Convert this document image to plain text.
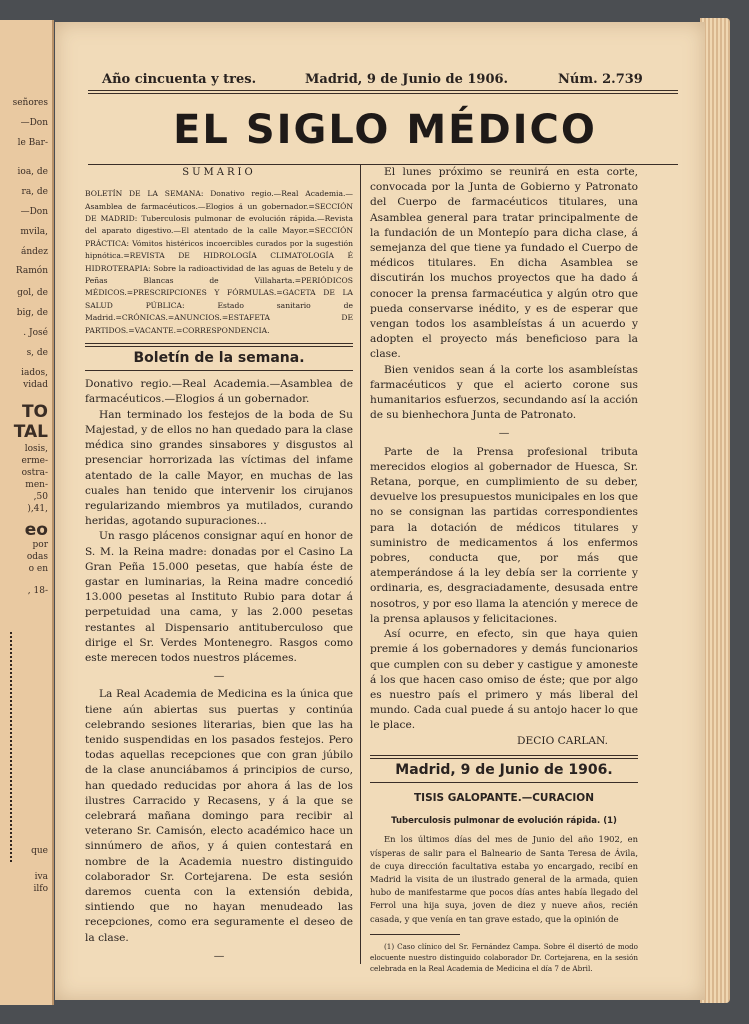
señores
—Don
le Bar-
ioa, de
ra, de
—Don
mvila,
ández
Ramón
gol, de
big, de
. José
s, de
iados,
vidad
TO
TAL
losis,
erme-
ostra-
men-
,50
),41,
eo
por
odas
o en
, 18-
que
iva
ilfo
Año cincuenta y tres.	Madrid, 9 de Junio de 1906.	Núm. 2.739
EL SIGLO MÉDICO
SUMARIO

BOLETÍN DE LA SEMANA: Donativo regio.—Real Academia.—Asamblea de farmacéuticos.—Elogios á un gobernador.=SECCIÓN DE MADRID: Tuberculosis pulmonar de evolución rápida.—Revista del aparato digestivo.—El atentado de la calle Mayor.=SECCIÓN PRÁCTICA: Vómitos histéricos incoercibles curados por la sugestión hipnótica.=REVISTA DE HIDROLOGÍA CLIMATOLOGÍA É HIDROTERAPIA: Sobre la radioactividad de las aguas de Betelu y de Peñas Blancas de Villaharta.=PERIÓDICOS MÉDICOS.=PRESCRIPCIONES Y FÓRMULAS.=GACETA DE LA SALUD PÚBLICA: Estado sanitario de Madrid.=CRÓNICAS.=ANUNCIOS.=ESTAFETA DE PARTIDOS.=VACANTE.=CORRESPONDENCIA.

Boletín de la semana.

Donativo regio.—Real Academia.—Asamblea de farmacéuticos.—Elogios á un gobernador.

Han terminado los festejos de la boda de Su Majestad, y de ellos no han quedado para la clase médica sino grandes sinsabores y disgustos al presenciar horrorizada las víctimas del infame atentado de la calle Mayor, en muchas de las cuales han tenido que intervenir los cirujanos regularizando miembros ya mutilados, curando heridas, agotando supuraciones...

Un rasgo plácenos consignar aquí en honor de S. M. la Reina madre: donadas por el Casino La Gran Peña 15.000 pesetas, que había éste de gastar en luminarias, la Reina madre concedió 13.000 pesetas al Instituto Rubio para dotar á perpetuidad una cama, y las 2.000 pesetas restantes al Dispensario antituberculoso que dirige el Sr. Verdes Montenegro. Rasgos como este merecen todos nuestros plácemes.

—

La Real Academia de Medicina es la única que tiene aún abiertas sus puertas y continúa celebrando sesiones literarias, bien que las ha tenido suspendidas en los pasados festejos. Pero todas aquellas recepciones que con gran júbilo de la clase anunciábamos á principios de curso, han quedado reducidas por ahora á las de los ilustres Carracido y Recasens, y á la que se celebrará mañana domingo para recibir al veterano Sr. Camisón, electo académico hace un sinnúmero de años, y á quien contestará en nombre de la Academia nuestro distinguido colaborador Sr. Cortejarena. De esta sesión daremos cuenta con la extensión debida, sintiendo que no hayan menudeado las recepciones, como era seguramente el deseo de la clase.

—

El lunes próximo se reunirá en esta corte, convocada por la Junta de Gobierno y Patronato del Cuerpo de farmacéuticos titulares, una Asamblea general para tratar principalmente de la fundación de un Montepío para dicha clase, á semejanza del que tiene ya fundado el Cuerpo de médicos titulares. En dicha Asamblea se discutirán los muchos proyectos que ha dado á conocer la prensa farmacéutica y algún otro que pueda conservarse inédito, y es de esperar que vengan todos los asambleístas á un acuerdo y adopten el proyecto más beneficioso para la clase.

Bien venidos sean á la corte los asambleístas farmacéuticos y que el acierto corone sus humanitarios esfuerzos, secundando así la acción de su bienhechora Junta de Patronato.

—

Parte de la Prensa profesional tributa merecidos elogios al gobernador de Huesca, Sr. Retana, porque, en cumplimiento de su deber, devuelve los presupuestos municipales en los que no se consignan las partidas correspondientes para la dotación de médicos titulares y suministro de medicamentos á los enfermos pobres, conducta que, por más que atemperándose á la ley debía ser la corriente y ordinaria, es, desgraciadamente, desusada entre nosotros, y por eso llama la atención y merece de la prensa aplausos y felicitaciones.

Así ocurre, en efecto, sin que haya quien premie á los gobernadores y demás funcionarios que cumplen con su deber y castigue y amoneste á los que hacen caso omiso de éste; que por algo es nuestro país el primero y más liberal del mundo. Cada cual puede á su antojo hacer lo que le place.

DECIO CARLAN.
Madrid, 9 de Junio de 1906.
TISIS GALOPANTE.—CURACION
Tuberculosis pulmonar de evolución rápida. (1)

En los últimos días del mes de Junio del año 1902, en vísperas de salir para el Balneario de Santa Teresa de Ávila, de cuya dirección facultativa estaba yo encargado, recibí en Madrid la visita de un ilustrado general de la armada, quien hubo de manifestarme que pocos días antes había llegado del Ferrol una hija suya, joven de diez y nueve años, recién casada, y que venía en tan grave estado, que la opinión de

(1) Caso clínico del Sr. Fernández Campa. Sobre él disertó de modo elocuente nuestro distinguido colaborador Dr. Cortejarena, en la sesión celebrada en la Real Academia de Medicina el día 7 de Abril.
